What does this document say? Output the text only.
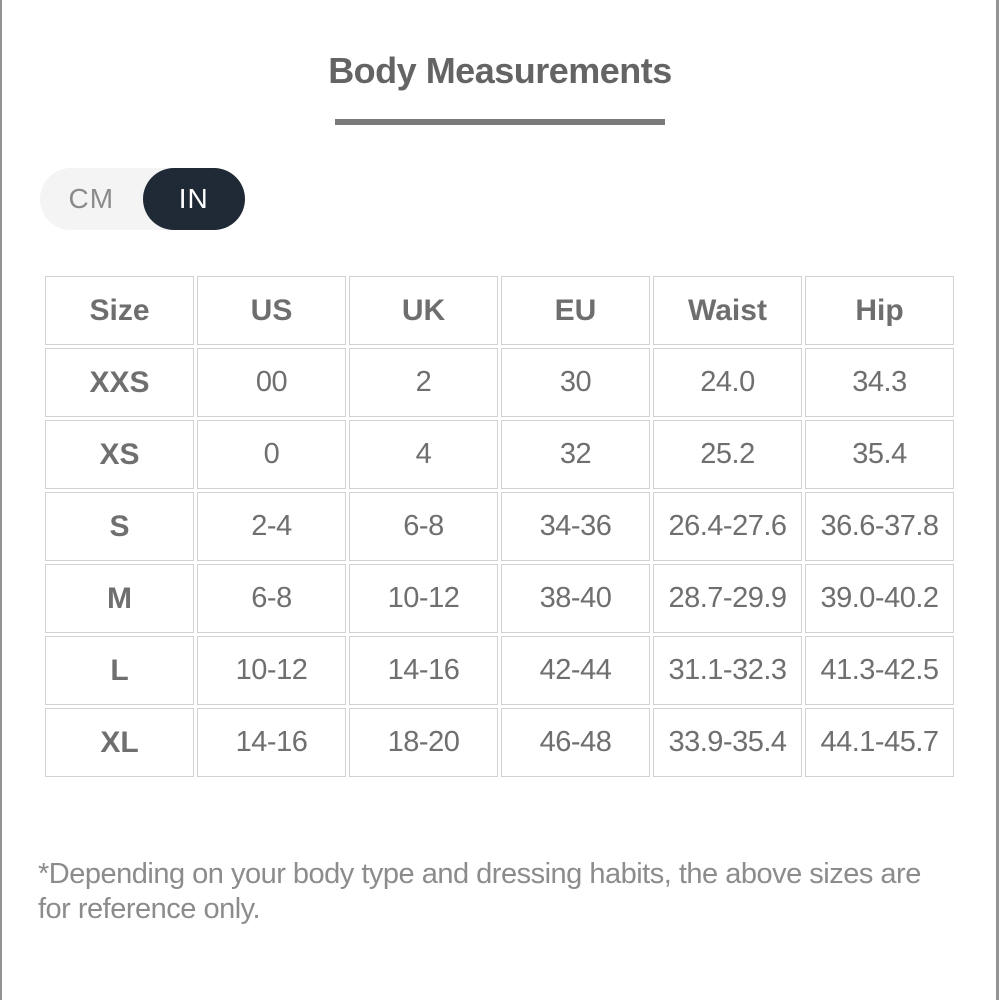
Body Measurements
CM	IN
Size	US	UK	EU	Waist	Hip
XXS	00	2	30	24.0	34.3
XS	0	4	32	25.2	35.4
S	2-4	6-8	34-36	26.4-27.6	36.6-37.8
M	6-8	10-12	38-40	28.7-29.9	39.0-40.2
L	10-12	14-16	42-44	31.1-32.3	41.3-42.5
XL	14-16	18-20	46-48	33.9-35.4	44.1-45.7
*Depending on your body type and dressing habits, the above sizes are for reference only.
